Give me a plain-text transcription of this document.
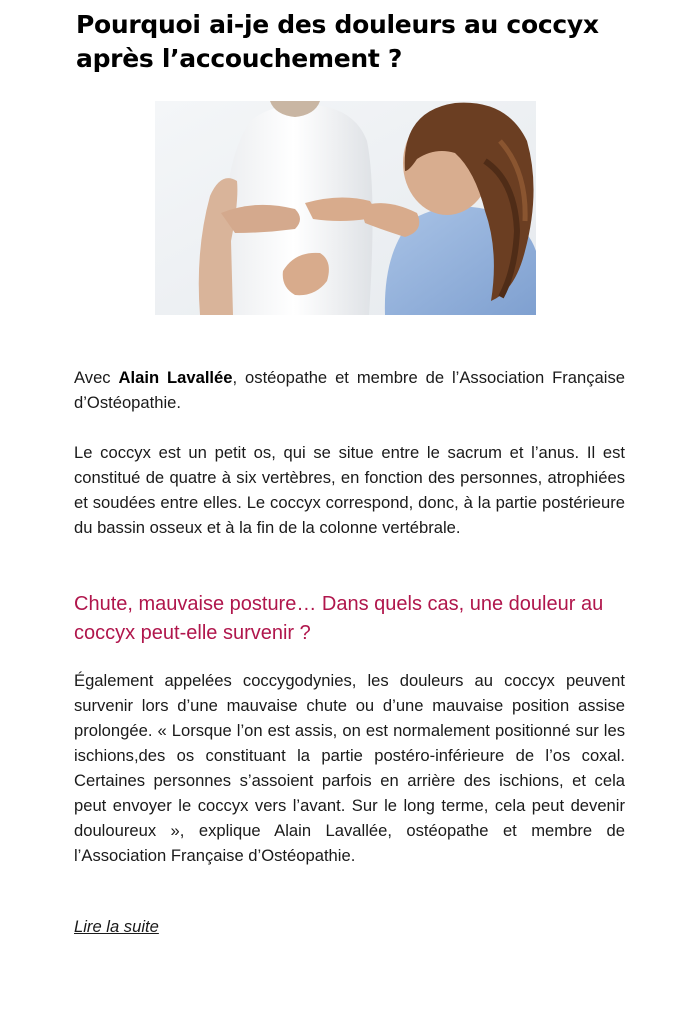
Pourquoi ai-je des douleurs au coccyx après l’accouchement ?

Avec Alain Lavallée, ostéopathe et membre de l’Association Française d’Ostéopathie.

Le coccyx est un petit os, qui se situe entre le sacrum et l’anus. Il est constitué de quatre à six vertèbres, en fonction des personnes, atrophiées et soudées entre elles. Le coccyx correspond, donc, à la partie postérieure du bassin osseux et à la fin de la colonne vertébrale.

Chute, mauvaise posture… Dans quels cas, une douleur au coccyx peut-elle survenir ?

Également appelées coccygodynies, les douleurs au coccyx peuvent survenir lors d’une mauvaise chute ou d’une mauvaise position assise prolongée. « Lorsque l’on est assis, on est normalement positionné sur les ischions,des os constituant la partie postéro-inférieure de l’os coxal. Certaines personnes s’assoient parfois en arrière des ischions, et cela peut envoyer le coccyx vers l’avant. Sur le long terme, cela peut devenir douloureux », explique Alain Lavallée, ostéopathe et membre de l’Association Française d’Ostéopathie.

Lire la suite
